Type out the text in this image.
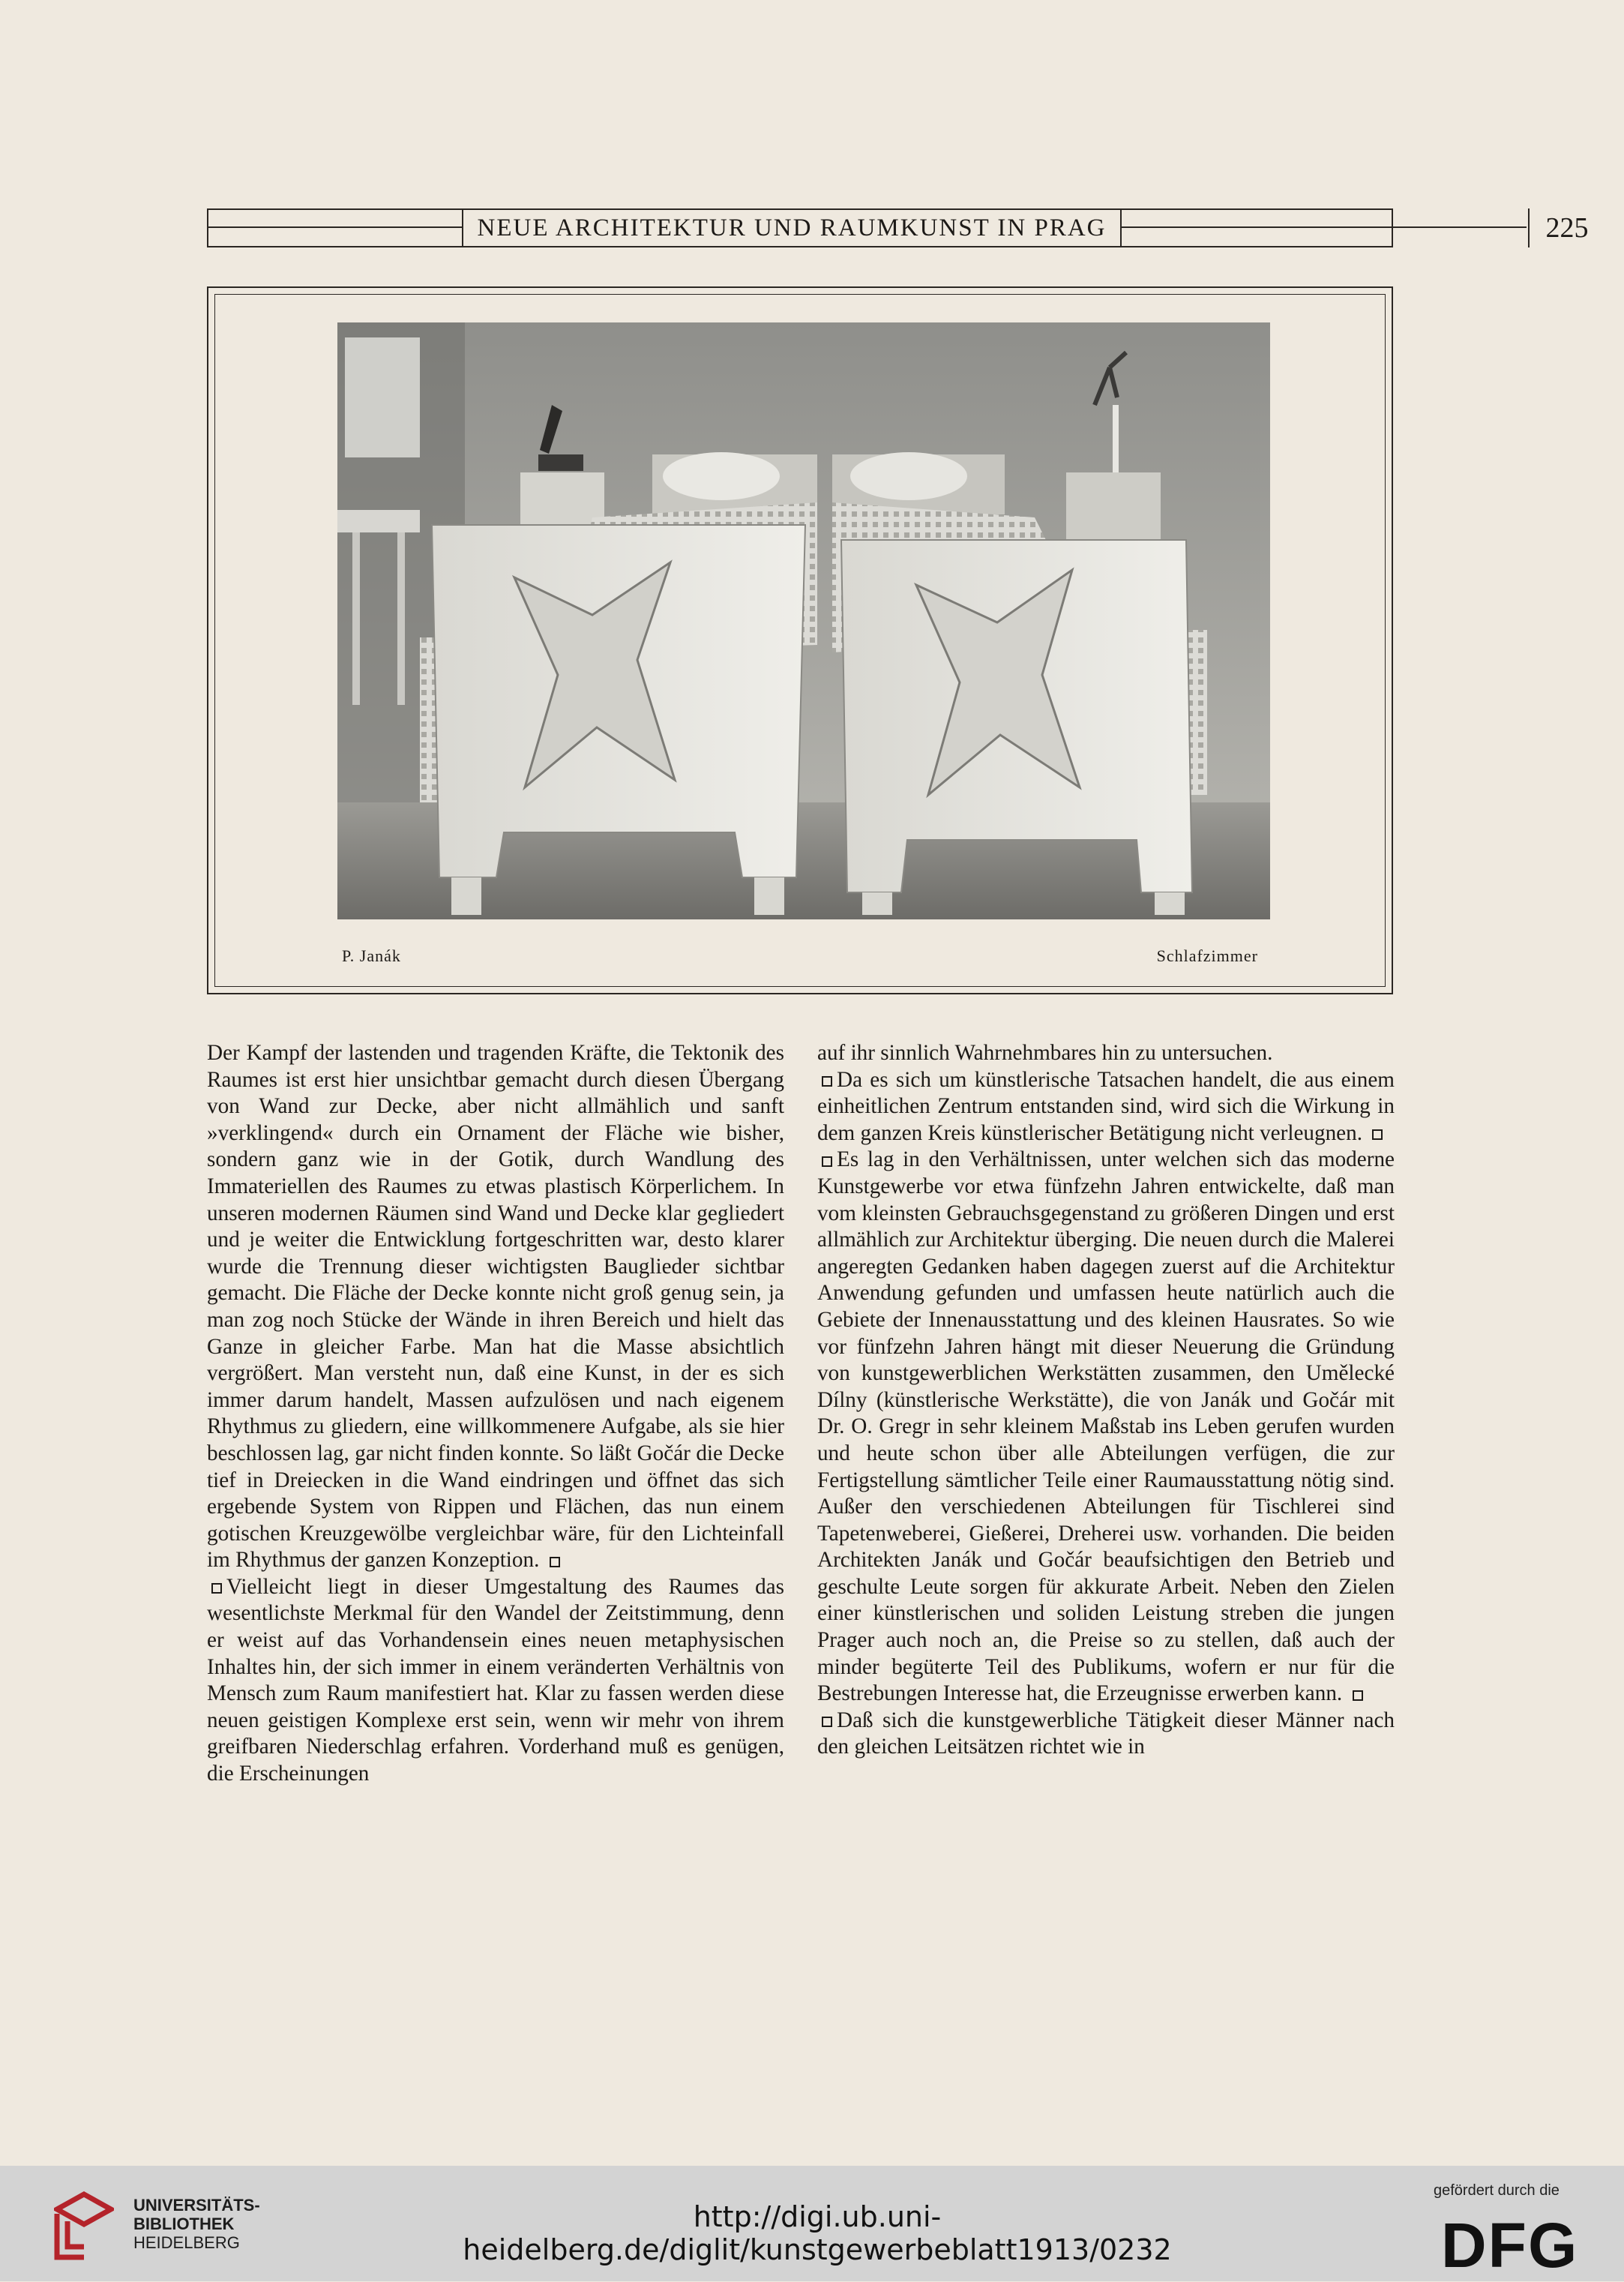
NEUE ARCHITEKTUR UND RAUMKUNST IN PRAG	225
P. Janák	Schlafzimmer

Der Kampf der lastenden und tragenden Kräfte, die Tektonik des Raumes ist erst hier unsichtbar gemacht durch diesen Übergang von Wand zur Decke, aber nicht allmählich und sanft »verklingend« durch ein Ornament der Fläche wie bisher, sondern ganz wie in der Gotik, durch Wandlung des Immateriellen des Raumes zu etwas plastisch Körperlichem. In unseren modernen Räumen sind Wand und Decke klar gegliedert und je weiter die Entwicklung fortgeschritten war, desto klarer wurde die Trennung dieser wichtigsten Bauglieder sichtbar gemacht. Die Fläche der Decke konnte nicht groß genug sein, ja man zog noch Stücke der Wände in ihren Bereich und hielt das Ganze in gleicher Farbe. Man hat die Masse absichtlich vergrößert. Man versteht nun, daß eine Kunst, in der es sich immer darum handelt, Massen aufzulösen und nach eigenem Rhythmus zu gliedern, eine willkommenere Aufgabe, als sie hier beschlossen lag, gar nicht finden konnte. So läßt Gočár die Decke tief in Dreiecken in die Wand eindringen und öffnet das sich ergebende System von Rippen und Flächen, das nun einem gotischen Kreuzgewölbe vergleichbar wäre, für den Lichteinfall im Rhythmus der ganzen Konzeption.

Vielleicht liegt in dieser Umgestaltung des Raumes das wesentlichste Merkmal für den Wandel der Zeitstimmung, denn er weist auf das Vorhandensein eines neuen metaphysischen Inhaltes hin, der sich immer in einem veränderten Verhältnis von Mensch zum Raum manifestiert hat. Klar zu fassen werden diese neuen geistigen Komplexe erst sein, wenn wir mehr von ihrem greifbaren Niederschlag erfahren. Vorderhand muß es genügen, die Erscheinungen

auf ihr sinnlich Wahrnehmbares hin zu untersuchen.

Da es sich um künstlerische Tatsachen handelt, die aus einem einheitlichen Zentrum entstanden sind, wird sich die Wirkung in dem ganzen Kreis künstlerischer Betätigung nicht verleugnen.

Es lag in den Verhältnissen, unter welchen sich das moderne Kunstgewerbe vor etwa fünfzehn Jahren entwickelte, daß man vom kleinsten Gebrauchsgegenstand zu größeren Dingen und erst allmählich zur Architektur überging. Die neuen durch die Malerei angeregten Gedanken haben dagegen zuerst auf die Architektur Anwendung gefunden und umfassen heute natürlich auch die Gebiete der Innenausstattung und des kleinen Hausrates. So wie vor fünfzehn Jahren hängt mit dieser Neuerung die Gründung von kunstgewerblichen Werkstätten zusammen, den Umělecké Dílny (künstlerische Werkstätte), die von Janák und Gočár mit Dr. O. Gregr in sehr kleinem Maßstab ins Leben gerufen wurden und heute schon über alle Abteilungen verfügen, die zur Fertigstellung sämtlicher Teile einer Raumausstattung nötig sind. Außer den verschiedenen Abteilungen für Tischlerei sind Tapetenweberei, Gießerei, Dreherei usw. vorhanden. Die beiden Architekten Janák und Gočár beaufsichtigen den Betrieb und geschulte Leute sorgen für akkurate Arbeit. Neben den Zielen einer künstlerischen und soliden Leistung streben die jungen Prager auch noch an, die Preise so zu stellen, daß auch der minder begüterte Teil des Publikums, wofern er nur für die Bestrebungen Interesse hat, die Erzeugnisse erwerben kann.

Daß sich die kunstgewerbliche Tätigkeit dieser Männer nach den gleichen Leitsätzen richtet wie in

UNIVERSITÄTS-
BIBLIOTHEK
HEIDELBERG
http://digi.ub.uni-heidelberg.de/diglit/kunstgewerbeblatt1913/0232
gefördert durch die
DFG
